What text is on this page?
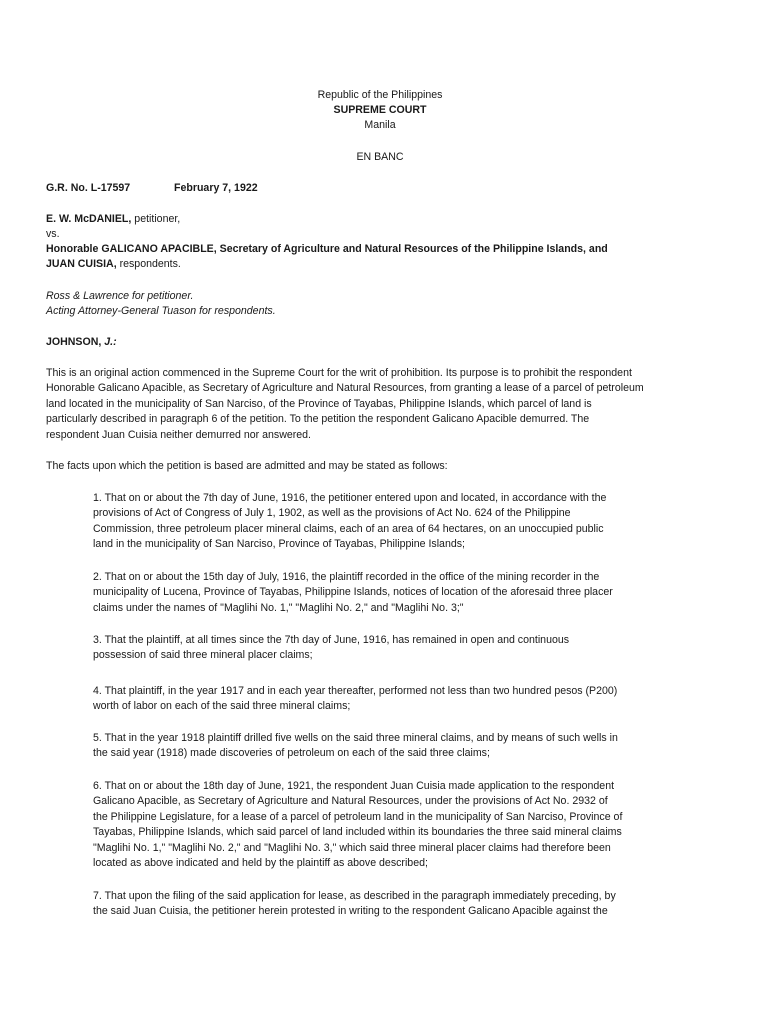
Republic of the Philippines
SUPREME COURT
Manila
EN BANC
G.R. No. L-17597	February 7, 1922
E. W. McDANIEL, petitioner,
vs.
Honorable GALICANO APACIBLE, Secretary of Agriculture and Natural Resources of the Philippine Islands, and
JUAN CUISIA, respondents.
Ross & Lawrence for petitioner.
Acting Attorney-General Tuason for respondents.
JOHNSON, J.:
This is an original action commenced in the Supreme Court for the writ of prohibition. Its purpose is to prohibit the respondent
Honorable Galicano Apacible, as Secretary of Agriculture and Natural Resources, from granting a lease of a parcel of petroleum
land located in the municipality of San Narciso, of the Province of Tayabas, Philippine Islands, which parcel of land is
particularly described in paragraph 6 of the petition. To the petition the respondent Galicano Apacible demurred. The
respondent Juan Cuisia neither demurred nor answered.
The facts upon which the petition is based are admitted and may be stated as follows:
1. That on or about the 7th day of June, 1916, the petitioner entered upon and located, in accordance with the
provisions of Act of Congress of July 1, 1902, as well as the provisions of Act No. 624 of the Philippine
Commission, three petroleum placer mineral claims, each of an area of 64 hectares, on an unoccupied public
land in the municipality of San Narciso, Province of Tayabas, Philippine Islands;
2. That on or about the 15th day of July, 1916, the plaintiff recorded in the office of the mining recorder in the
municipality of Lucena, Province of Tayabas, Philippine Islands, notices of location of the aforesaid three placer
claims under the names of "Maglihi No. 1," "Maglihi No. 2," and "Maglihi No. 3;"
3. That the plaintiff, at all times since the 7th day of June, 1916, has remained in open and continuous
possession of said three mineral placer claims;
4. That plaintiff, in the year 1917 and in each year thereafter, performed not less than two hundred pesos (P200)
worth of labor on each of the said three mineral claims;
5. That in the year 1918 plaintiff drilled five wells on the said three mineral claims, and by means of such wells in
the said year (1918) made discoveries of petroleum on each of the said three claims;
6. That on or about the 18th day of June, 1921, the respondent Juan Cuisia made application to the respondent
Galicano Apacible, as Secretary of Agriculture and Natural Resources, under the provisions of Act No. 2932 of
the Philippine Legislature, for a lease of a parcel of petroleum land in the municipality of San Narciso, Province of
Tayabas, Philippine Islands, which said parcel of land included within its boundaries the three said mineral claims
"Maglihi No. 1," "Maglihi No. 2," and "Maglihi No. 3," which said three mineral placer claims had therefore been
located as above indicated and held by the plaintiff as above described;
7. That upon the filing of the said application for lease, as described in the paragraph immediately preceding, by
the said Juan Cuisia, the petitioner herein protested in writing to the respondent Galicano Apacible against the
